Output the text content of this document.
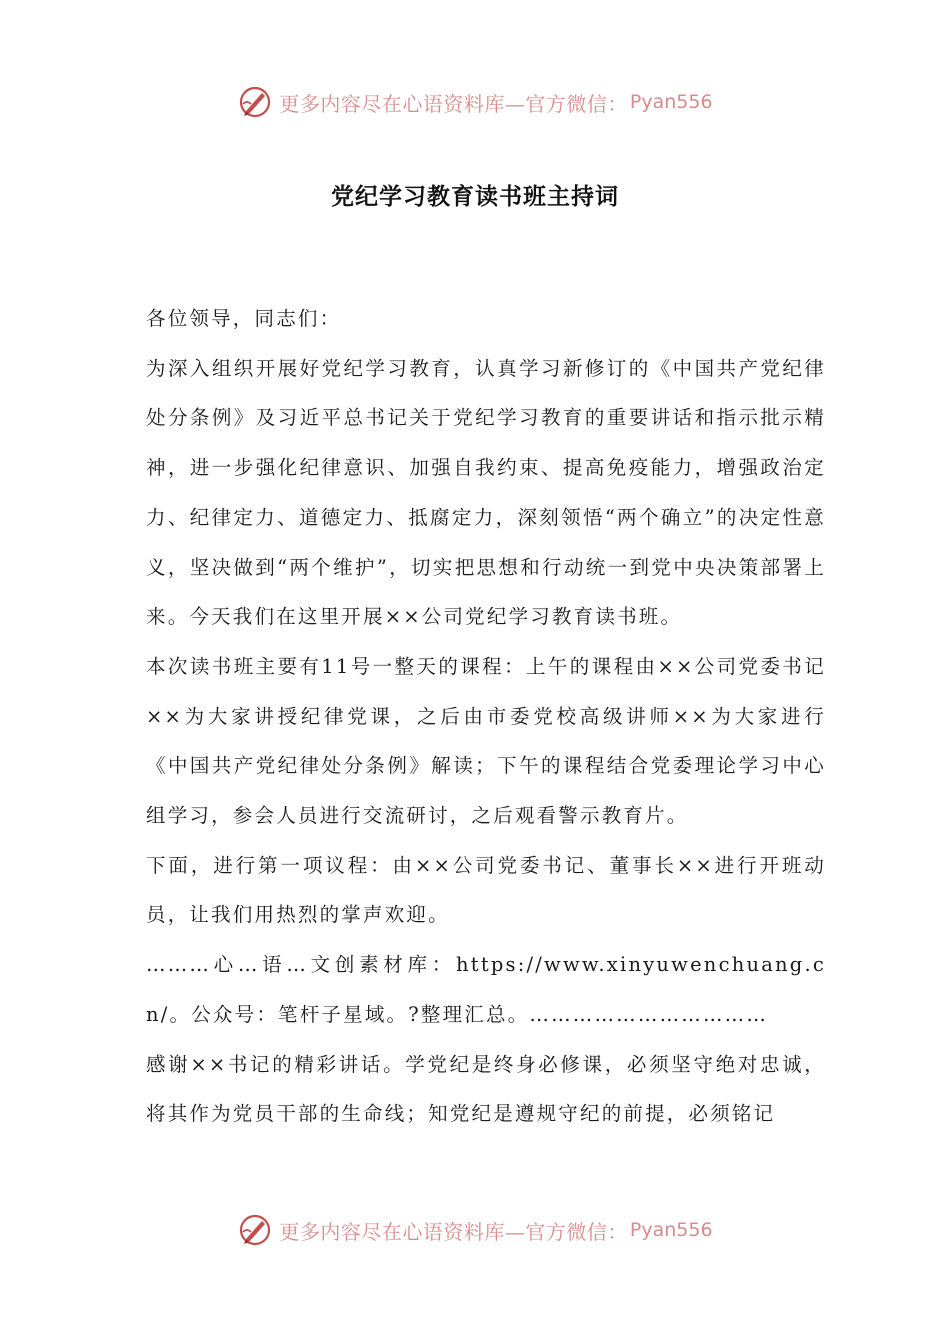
更多内容尽在心语资料库—官方微信： Pyan556
党纪学习教育读书班主持词

各位领导，同志们：

为深入组织开展好党纪学习教育，认真学习新修订的《中国共产党纪律处分条例》及习近平总书记关于党纪学习教育的重要讲话和指示批示精神，进一步强化纪律意识、加强自我约束、提高免疫能力，增强政治定力、纪律定力、道德定力、抵腐定力，深刻领悟“两个确立”的决定性意义，坚决做到“两个维护”，切实把思想和行动统一到党中央决策部署上来。今天我们在这里开展××公司党纪学习教育读书班。

本次读书班主要有11号一整天的课程：上午的课程由××公司党委书记××为大家讲授纪律党课，之后由市委党校高级讲师××为大家进行《中国共产党纪律处分条例》解读；下午的课程结合党委理论学习中心组学习，参会人员进行交流研讨，之后观看警示教育片。

下面，进行第一项议程：由××公司党委书记、董事长××进行开班动员，让我们用热烈的掌声欢迎。

………心…语…文创素材库：https://www.xinyuwenchuang.cn/。公众号：笔杆子星域。?整理汇总。……………………………

感谢××书记的精彩讲话。学党纪是终身必修课，必须坚守绝对忠诚，将其作为党员干部的生命线；知党纪是遵规守纪的前提，必须铭记

更多内容尽在心语资料库—官方微信： Pyan556
